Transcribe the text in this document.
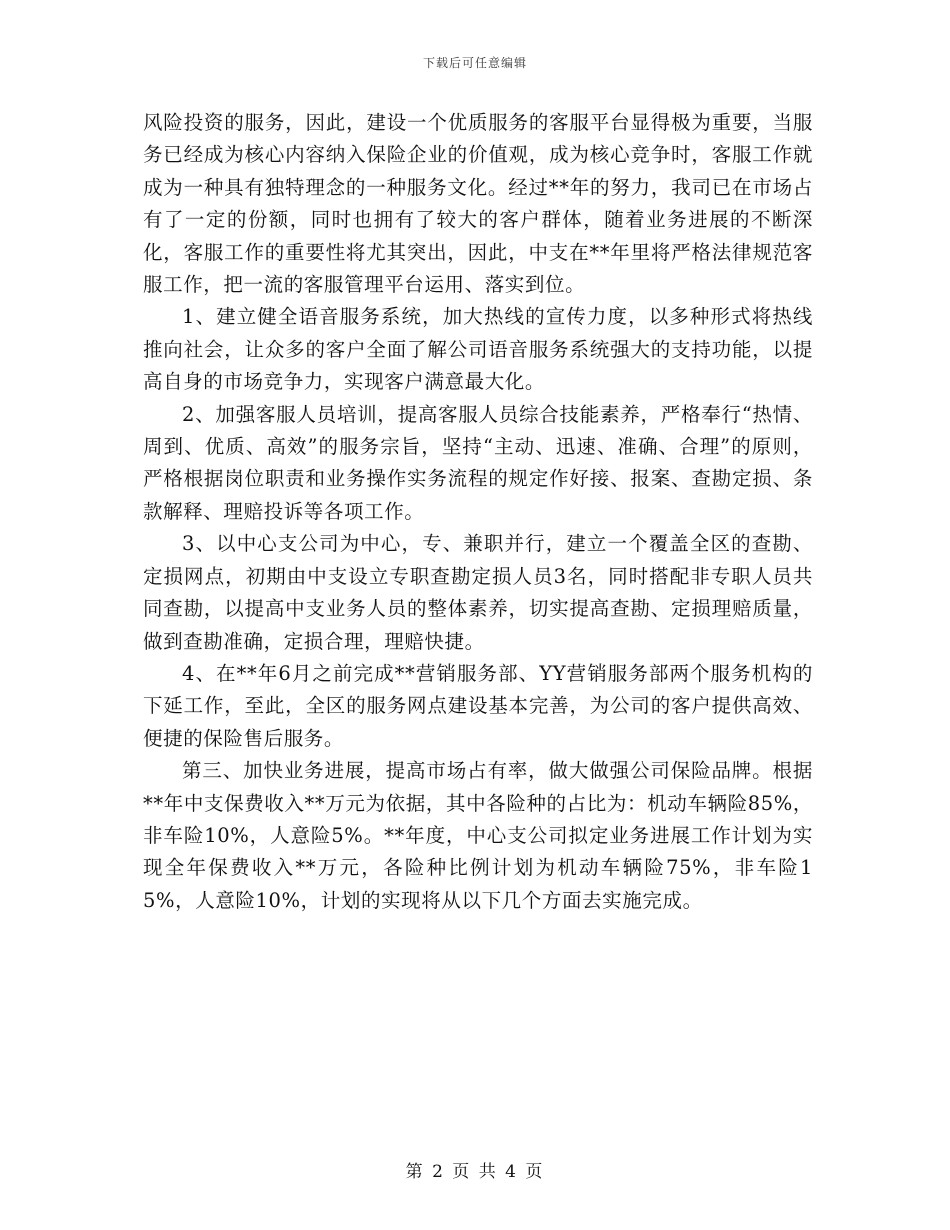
下载后可任意编辑

风险投资的服务，因此，建设一个优质服务的客服平台显得极为重要，当服务已经成为核心内容纳入保险企业的价值观，成为核心竞争时，客服工作就成为一种具有独特理念的一种服务文化。经过**年的努力，我司已在市场占有了一定的份额，同时也拥有了较大的客户群体，随着业务进展的不断深化，客服工作的重要性将尤其突出，因此，中支在**年里将严格法律规范客服工作，把一流的客服管理平台运用、落实到位。

1、建立健全语音服务系统，加大热线的宣传力度，以多种形式将热线推向社会，让众多的客户全面了解公司语音服务系统强大的支持功能，以提高自身的市场竞争力，实现客户满意最大化。

2、加强客服人员培训，提高客服人员综合技能素养，严格奉行“热情、周到、优质、高效”的服务宗旨，坚持“主动、迅速、准确、合理”的原则，严格根据岗位职责和业务操作实务流程的规定作好接、报案、查勘定损、条款解释、理赔投诉等各项工作。

3、以中心支公司为中心，专、兼职并行，建立一个覆盖全区的查勘、定损网点，初期由中支设立专职查勘定损人员3名，同时搭配非专职人员共同查勘，以提高中支业务人员的整体素养，切实提高查勘、定损理赔质量，做到查勘准确，定损合理，理赔快捷。

4、在**年6月之前完成**营销服务部、YY营销服务部两个服务机构的下延工作，至此，全区的服务网点建设基本完善，为公司的客户提供高效、便捷的保险售后服务。

第三、加快业务进展，提高市场占有率，做大做强公司保险品牌。根据**年中支保费收入**万元为依据，其中各险种的占比为：机动车辆险85%，非车险10%，人意险5%。**年度，中心支公司拟定业务进展工作计划为实现全年保费收入**万元，各险种比例计划为机动车辆险75%，非车险15%，人意险10%，计划的实现将从以下几个方面去实施完成。

第 2 页 共 4 页
